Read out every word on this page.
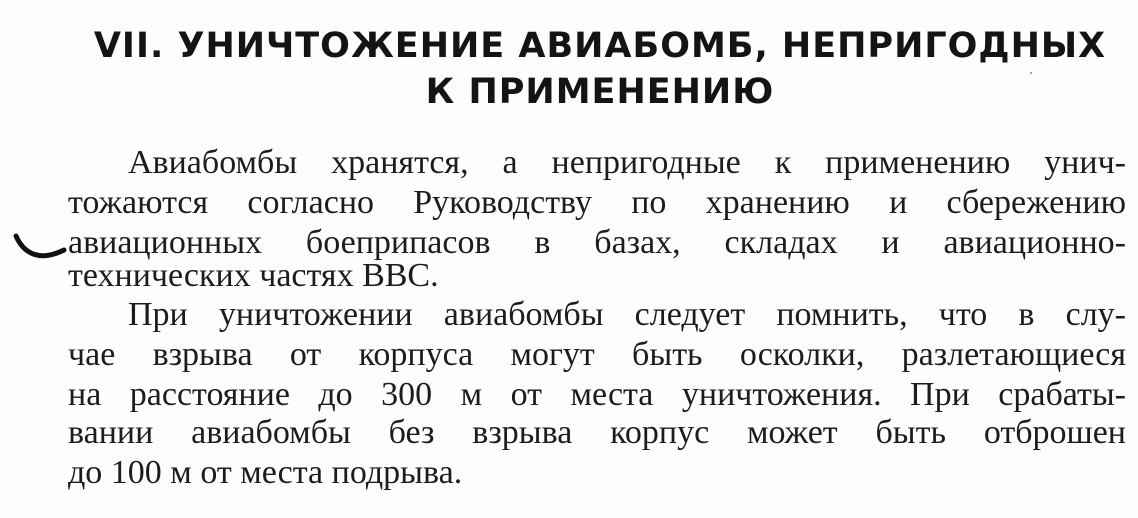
VII. УНИЧТОЖЕНИЕ АВИАБОМБ, НЕПРИГОДНЫХ
К ПРИМЕНЕНИЮ
Авиабомбы хранятся, а непригодные к применению унич-
тожаются согласно Руководству по хранению и сбережению
авиационных боеприпасов в базах, складах и авиационно-
технических частях ВВС.
При уничтожении авиабомбы следует помнить, что в слу-
чае взрыва от корпуса могут быть осколки, разлетающиеся
на расстояние до 300 м от места уничтожения. При срабаты-
вании авиабомбы без взрыва корпус может быть отброшен
до 100 м от места подрыва.
